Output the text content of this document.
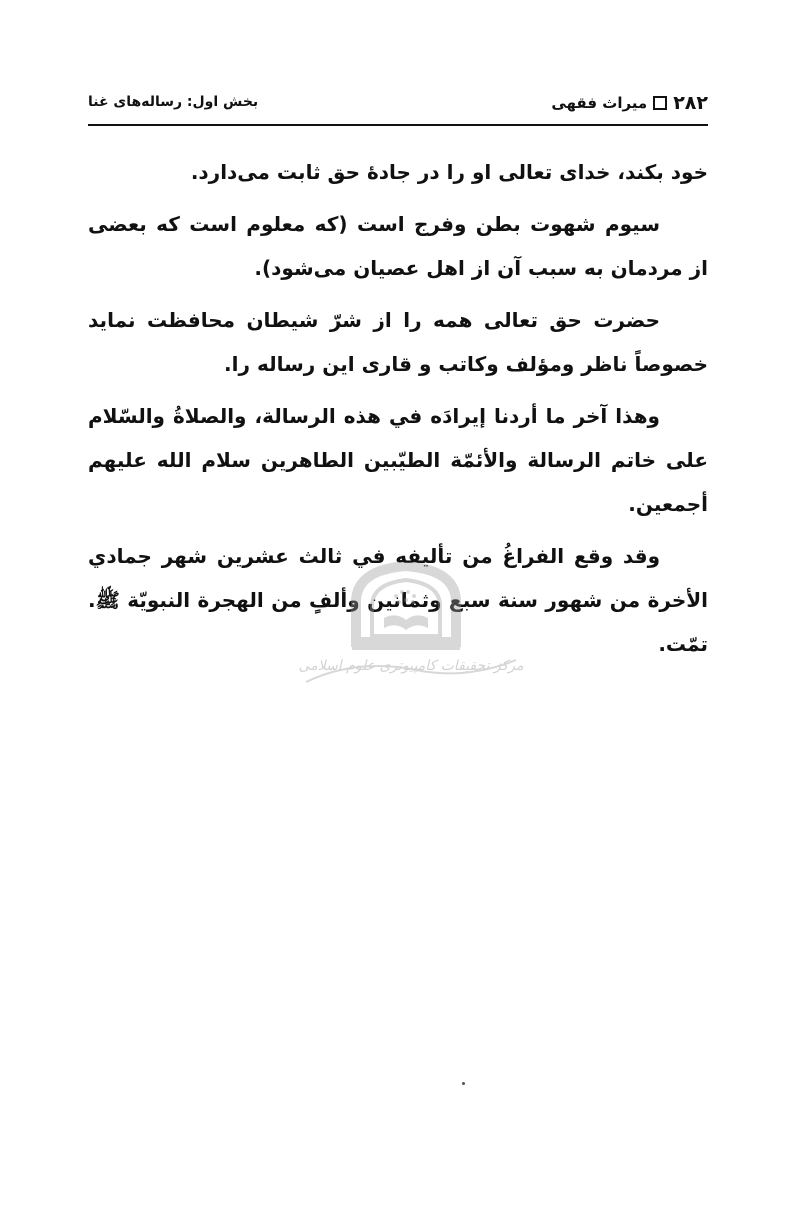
۲۸۲
میراث فقهی
بخش اول: رساله‌های غنا

خود بکند، خدای تعالی او را در جادهٔ حق ثابت می‌دارد.

سیوم شهوت بطن وفرج است (که معلوم است که بعضی از مردمان به سبب آن از اهل عصیان می‌شود).

حضرت حق تعالی همه را از شرّ شیطان محافظت نماید خصوصاً ناظر ومؤلف وکاتب و قاری این رساله را.

وهذا آخر ما أردنا إيرادَه في هذه الرسالة، والصلاةُ والسّلام على خاتم الرسالة والأئمّة الطيّبين الطاهرين سلام الله عليهم أجمعين.

وقد وقع الفراغُ من تأليفه في ثالث عشرين شهر جمادي الأخرة من شهور سنة سبع وثمانين وألفٍ من الهجرة النبويّة ﷺ. تمّت.

مرکز تحقیقات کامپیوتری علوم اسلامی
